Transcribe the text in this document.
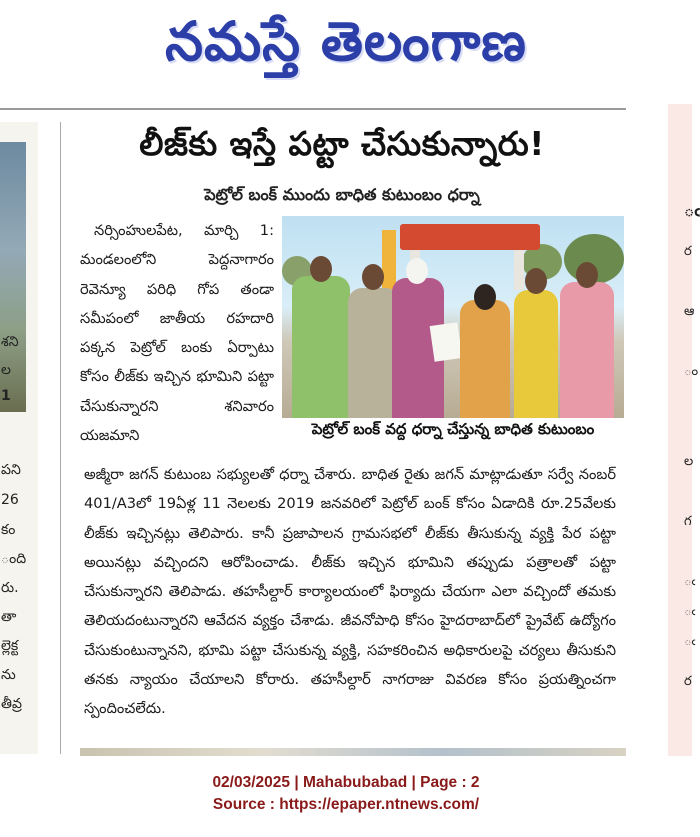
నమస్తే తెలంగాణ
శని
ల
1
పని
26
కం
ంది
రు.
తా
ల్లెక్ట
ను
తీవ్ర
ఁ
ర
ఆ
ం
ల
గ
ఁ
ఁ
ఁ
ర
లీజ్‌కు ఇస్తే పట్టా చేసుకున్నారు!
పెట్రోల్ బంక్ ముందు బాధిత కుటుంబం ధర్నా

నర్సింహులపేట, మార్చి 1: మండలంలోని పెద్దనాగారం రెవెన్యూ పరిధి గోప తండా సమీపంలో జాతీయ రహదారి పక్కన పెట్రోల్ బంకు ఏర్పాటు కోసం లీజ్‌కు ఇచ్చిన భూమిని పట్టా చేసుకున్నారని శనివారం యజమాని	పెట్రోల్ బంక్ వద్ద ధర్నా చేస్తున్న బాధిత కుటుంబం

అజ్మీరా జగన్ కుటుంబ సభ్యులతో ధర్నా చేశారు. బాధిత రైతు జగన్ మాట్లాడుతూ సర్వే నంబర్ 401/A3లో 19ఏళ్ల 11 నెలలకు 2019 జనవరిలో పెట్రోల్ బంక్ కోసం ఏడాదికి రూ.25వేలకు లీజ్‌కు ఇచ్చినట్లు తెలిపారు. కానీ ప్రజాపాలన గ్రామసభలో లీజ్‌కు తీసుకున్న వ్యక్తి పేర పట్టా అయినట్లు వచ్చిందని ఆరోపించాడు. లీజ్‌కు ఇచ్చిన భూమిని తప్పుడు పత్రాలతో పట్టా చేసుకున్నారని తెలిపాడు. తహసీల్దార్ కార్యాలయంలో ఫిర్యాదు చేయగా ఎలా వచ్చిందో తమకు తెలియదంటున్నారని ఆవేదన వ్యక్తం చేశాడు. జీవనోపాధి కోసం హైదరాబాద్‌లో ప్రైవేట్ ఉద్యోగం చేసుకుంటున్నానని, భూమి పట్టా చేసుకున్న వ్యక్తి, సహకరించిన అధికారులపై చర్యలు తీసుకుని తనకు న్యాయం చేయాలని కోరారు. తహసీల్దార్ నాగరాజు వివరణ కోసం ప్రయత్నించగా స్పందించలేదు.

02/03/2025 | Mahabubabad | Page : 2
Source : https://epaper.ntnews.com/
